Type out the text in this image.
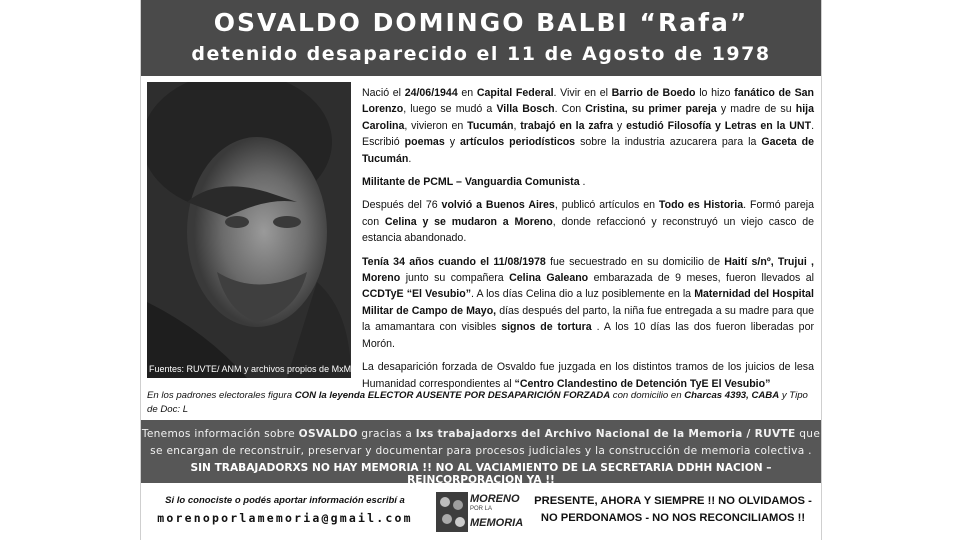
OSVALDO DOMINGO BALBI “Rafa”
detenido desaparecido el 11 de Agosto de 1978
Fuentes: RUVTE/ ANM y archivos propios de MxM

Nació el 24/06/1944 en Capital Federal. Vivir en el Barrio de Boedo lo hizo fanático de San Lorenzo, luego se mudó a Villa Bosch. Con Cristina, su primer pareja y madre de su hija Carolina, vivieron en Tucumán, trabajó en la zafra y estudió Filosofía y Letras en la UNT. Escribió poemas y artículos periodísticos sobre la industria azucarera para la Gaceta de Tucumán.

Militante de PCML – Vanguardia Comunista .

Después del 76 volvió a Buenos Aires, publicó artículos en Todo es Historia. Formó pareja con Celina y se mudaron a Moreno, donde refaccionó y reconstruyó un viejo casco de estancia abandonado.

Tenía 34 años cuando el 11/08/1978 fue secuestrado en su domicilio de Haití s/nº, Trujui , Moreno junto su compañera Celina Galeano embarazada de 9 meses, fueron llevados al CCDTyE “El Vesubio”. A los días Celina dio a luz posiblemente en la Maternidad del Hospital Militar de Campo de Mayo, días después del parto, la niña fue entregada a su madre para que la amamantara con visibles signos de tortura . A los 10 días las dos fueron liberadas por Morón.

La desaparición forzada de Osvaldo fue juzgada en los distintos tramos de los juicios de lesa Humanidad correspondientes al “Centro Clandestino de Detención TyE El Vesubio”

En los padrones electorales figura CON la leyenda ELECTOR AUSENTE POR DESAPARICIÓN FORZADA con domicilio en Charcas 4393, CABA y Tipo de Doc: L
Tenemos información sobre OSVALDO gracias a lxs trabajadorxs del Archivo Nacional de la Memoria / RUVTE que se encargan de reconstruir, preservar y documentar para procesos judiciales y la construcción de memoria colectiva .
SIN TRABAJADORXS NO HAY MEMORIA !! NO AL VACIAMIENTO DE LA SECRETARIA DDHH NACION – REINCORPORACION YA !!
Si lo conociste o podés aportar información escribí a
morenoporlamemoria@gmail.com
MORENO
POR LA
MEMORIA
PRESENTE, AHORA Y SIEMPRE !! NO OLVIDAMOS -
NO PERDONAMOS - NO NOS RECONCILIAMOS !!
